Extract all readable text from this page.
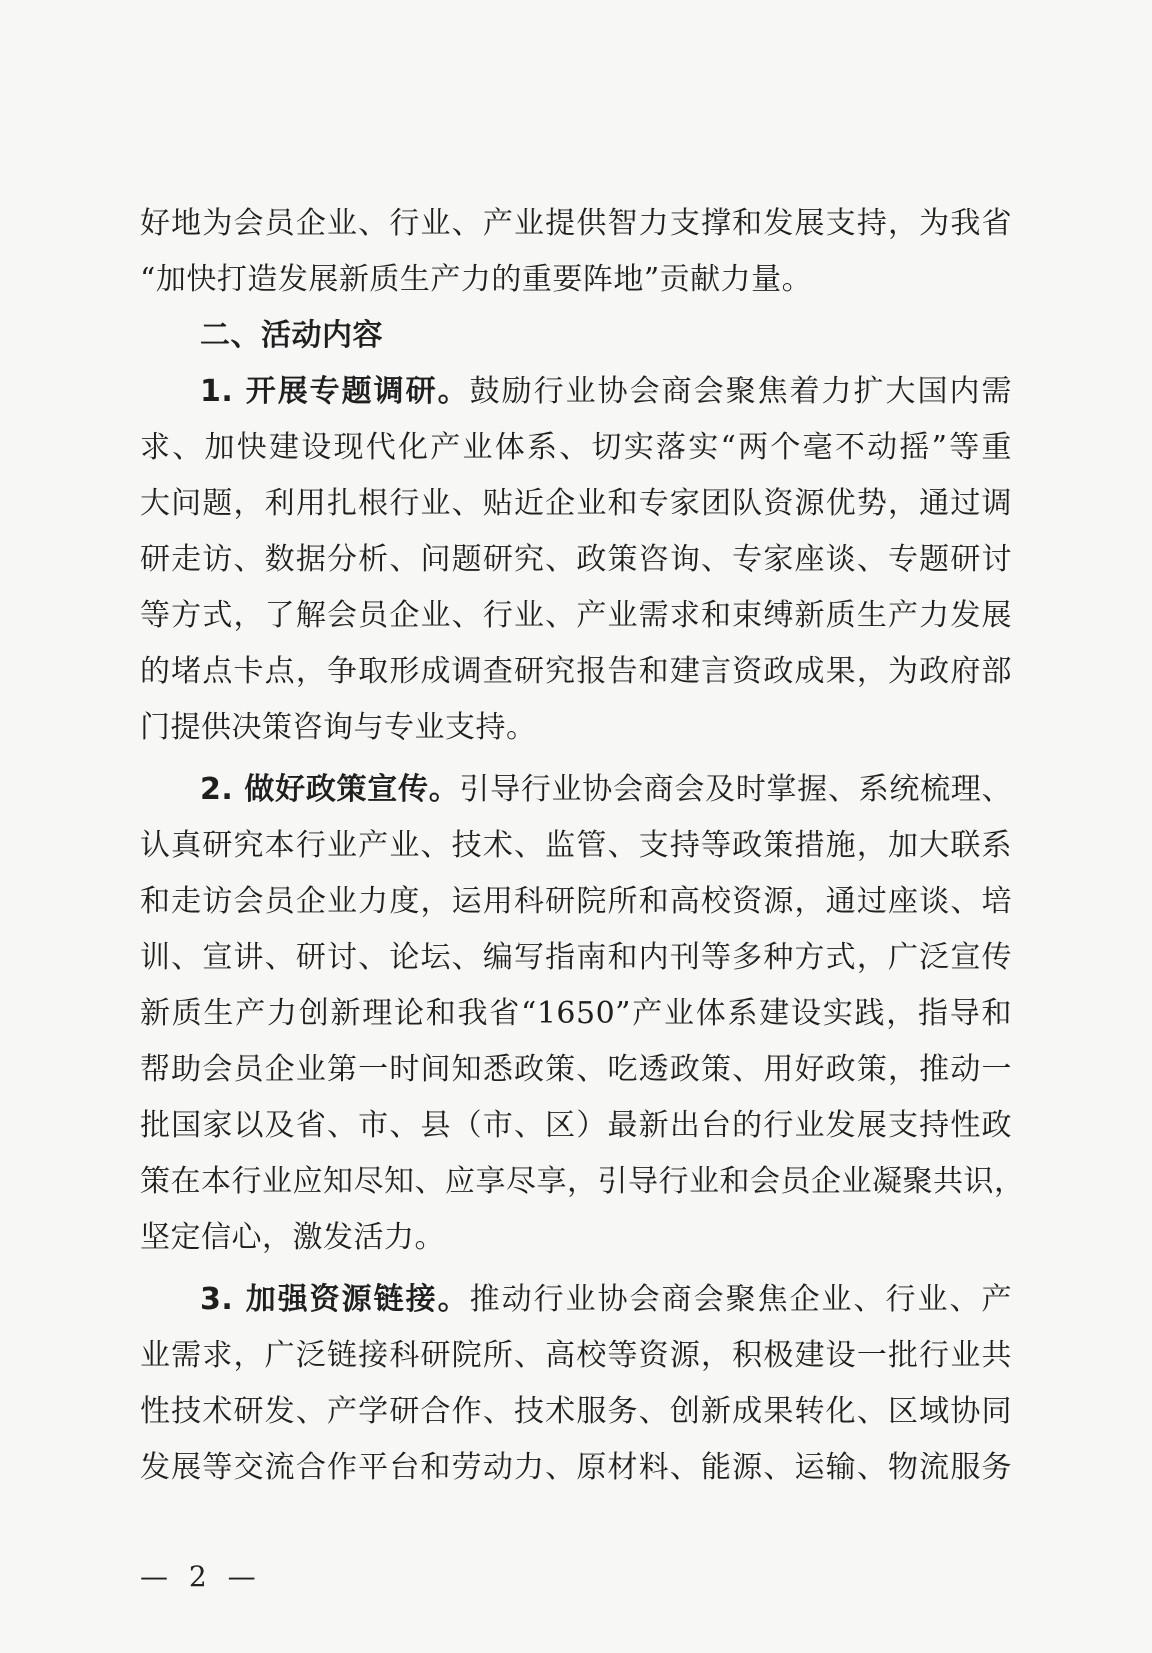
好地为会员企业、行业、产业提供智力支撑和发展支持，为我省
“加快打造发展新质生产力的重要阵地”贡献力量。
二、活动内容
1. 开展专题调研。鼓励行业协会商会聚焦着力扩大国内需
求、加快建设现代化产业体系、切实落实“两个毫不动摇”等重
大问题，利用扎根行业、贴近企业和专家团队资源优势，通过调
研走访、数据分析、问题研究、政策咨询、专家座谈、专题研讨
等方式，了解会员企业、行业、产业需求和束缚新质生产力发展
的堵点卡点，争取形成调查研究报告和建言资政成果，为政府部
门提供决策咨询与专业支持。
2. 做好政策宣传。引导行业协会商会及时掌握、系统梳理、
认真研究本行业产业、技术、监管、支持等政策措施，加大联系
和走访会员企业力度，运用科研院所和高校资源，通过座谈、培
训、宣讲、研讨、论坛、编写指南和内刊等多种方式，广泛宣传
新质生产力创新理论和我省“1650”产业体系建设实践，指导和
帮助会员企业第一时间知悉政策、吃透政策、用好政策，推动一
批国家以及省、市、县（市、区）最新出台的行业发展支持性政
策在本行业应知尽知、应享尽享，引导行业和会员企业凝聚共识，
坚定信心，激发活力。
3. 加强资源链接。推动行业协会商会聚焦企业、行业、产
业需求，广泛链接科研院所、高校等资源，积极建设一批行业共
性技术研发、产学研合作、技术服务、创新成果转化、区域协同
发展等交流合作平台和劳动力、原材料、能源、运输、物流服务
— 2 —
